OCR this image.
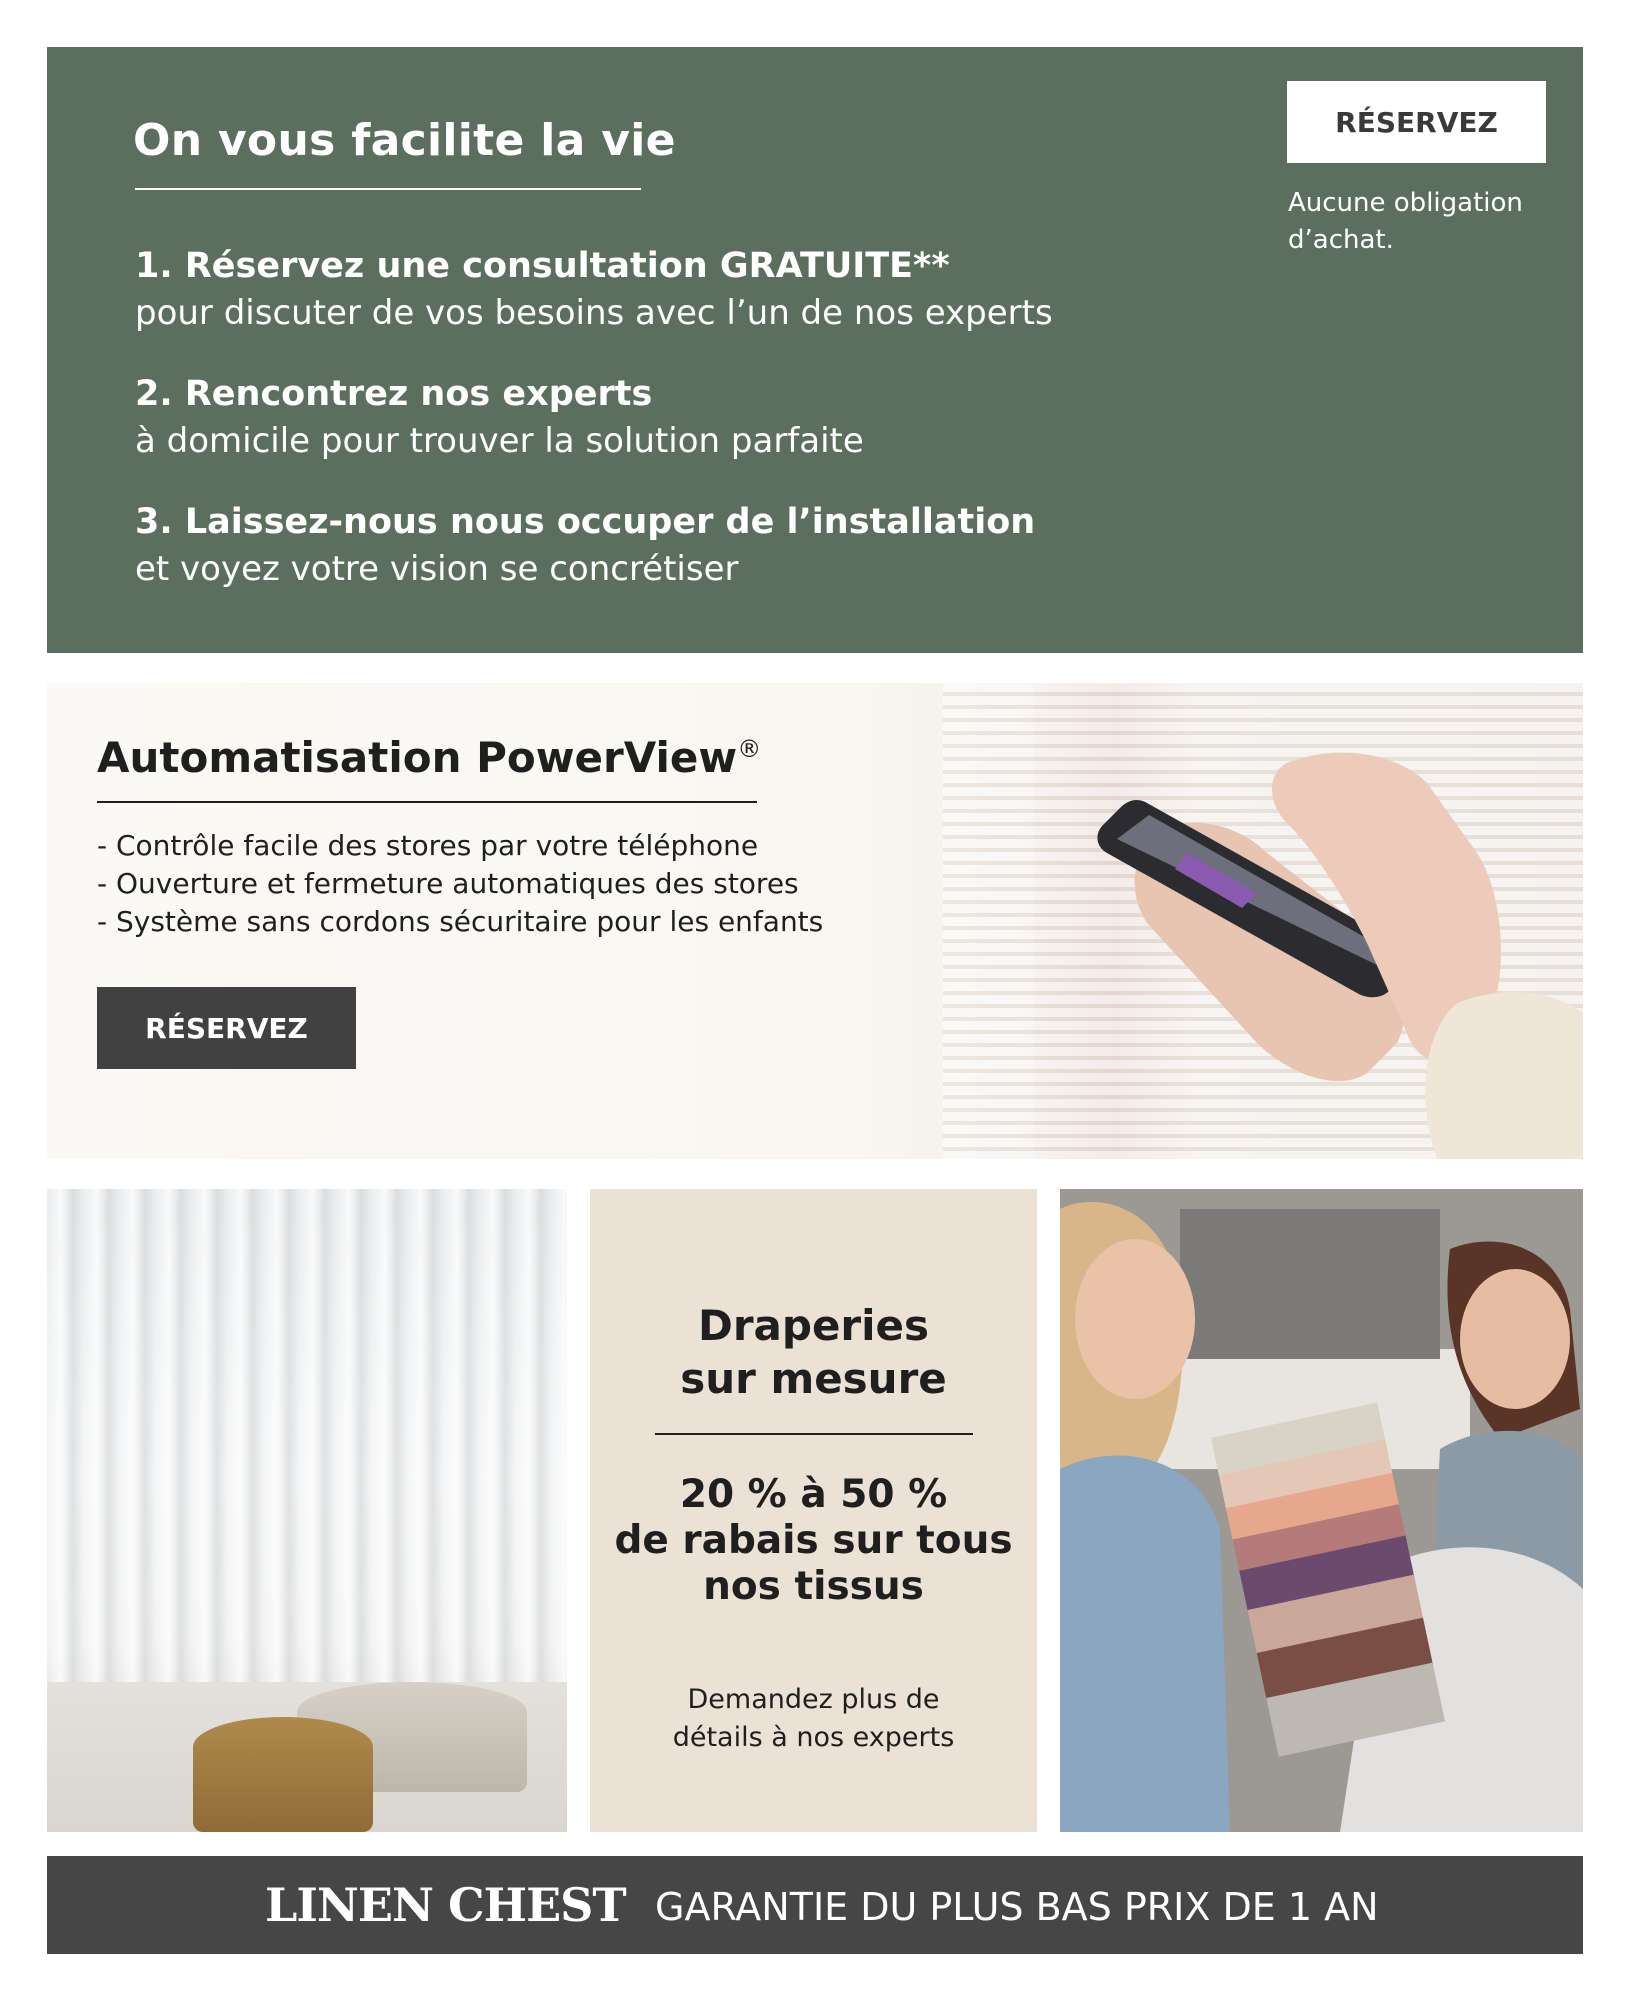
On vous facilite la vie
1. Réservez une consultation GRATUITE**
pour discuter de vos besoins avec l’un de nos experts
2. Rencontrez nos experts
à domicile pour trouver la solution parfaite
3. Laissez-nous nous occuper de l’installation
et voyez votre vision se concrétiser
RÉSERVEZ

Aucune obligation d’achat.

Automatisation PowerView®
- Contrôle facile des stores par votre téléphone
- Ouverture et fermeture automatiques des stores
- Système sans cordons sécuritaire pour les enfants
RÉSERVEZ
Draperies
sur mesure
20 % à 50 %
de rabais sur tous
nos tissus
Demandez plus de
détails à nos experts
LINEN CHEST GARANTIE DU PLUS BAS PRIX DE 1 AN
